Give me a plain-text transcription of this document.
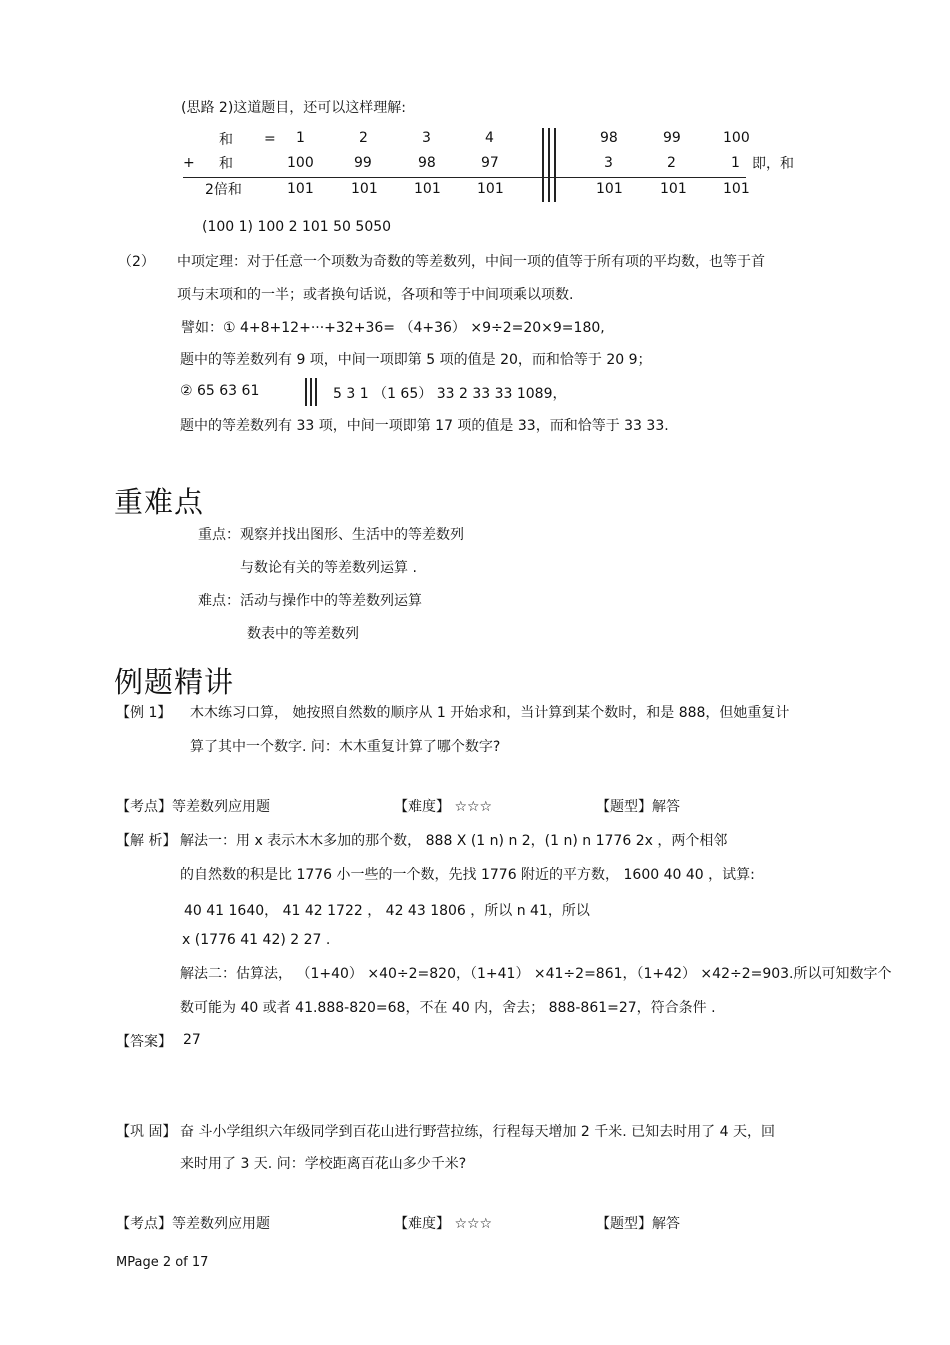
(思路 2)这道题目，还可以这样理解:
和 = 1	2	3	4	98	99	100
+ 和	100	99	98	97	3	2	1 即，和
2倍和	101	101	101	101	101	101	101
(100 1) 100 2 101 50 5050
（2） 中项定理：对于任意一个项数为奇数的等差数列，中间一项的值等于所有项的平均数，也等于首
项与末项和的一半；或者换句话说，各项和等于中间项乘以项数.
譬如：① 4+8+12+···+32+36= （4+36） ×9÷2=20×9=180,
题中的等差数列有 9 项，中间一项即第 5 项的值是 20，而和恰等于 20 9；
② 65 63 61	5 3 1 （1 65） 33 2 33 33 1089，
题中的等差数列有 33 项，中间一项即第 17 项的值是 33，而和恰等于 33 33.
重难点
重点：观察并找出图形、生活中的等差数列
与数论有关的等差数列运算 .
难点：活动与操作中的等差数列运算
数表中的等差数列
例题精讲
【例 1】 木木练习口算， 她按照自然数的顺序从 1 开始求和，当计算到某个数时，和是 888，但她重复计
算了其中一个数字. 问：木木重复计算了哪个数字?
【考点】等差数列应用题	【难度】 ☆☆☆	【题型】解答
【解 析】 解法一：用 x 表示木木多加的那个数， 888 X (1 n) n 2，(1 n) n 1776 2x ，两个相邻
的自然数的积是比 1776 小一些的一个数，先找 1776 附近的平方数， 1600 40 40 ，试算:
40 41 1640， 41 42 1722 ， 42 43 1806 ，所以 n 41，所以
x (1776 41 42) 2 27 .
解法二：估算法， （1+40） ×40÷2=820，（1+41） ×41÷2=861，（1+42） ×42÷2=903.所以可知数字个
数可能为 40 或者 41.888-820=68，不在 40 内，舍去； 888-861=27，符合条件 .
【答案】 27
【巩 固】 奋 斗小学组织六年级同学到百花山进行野营拉练，行程每天增加 2 千米. 已知去时用了 4 天，回
来时用了 3 天. 问：学校距离百花山多少千米?
【考点】等差数列应用题	【难度】 ☆☆☆	【题型】解答
MPage 2 of 17
